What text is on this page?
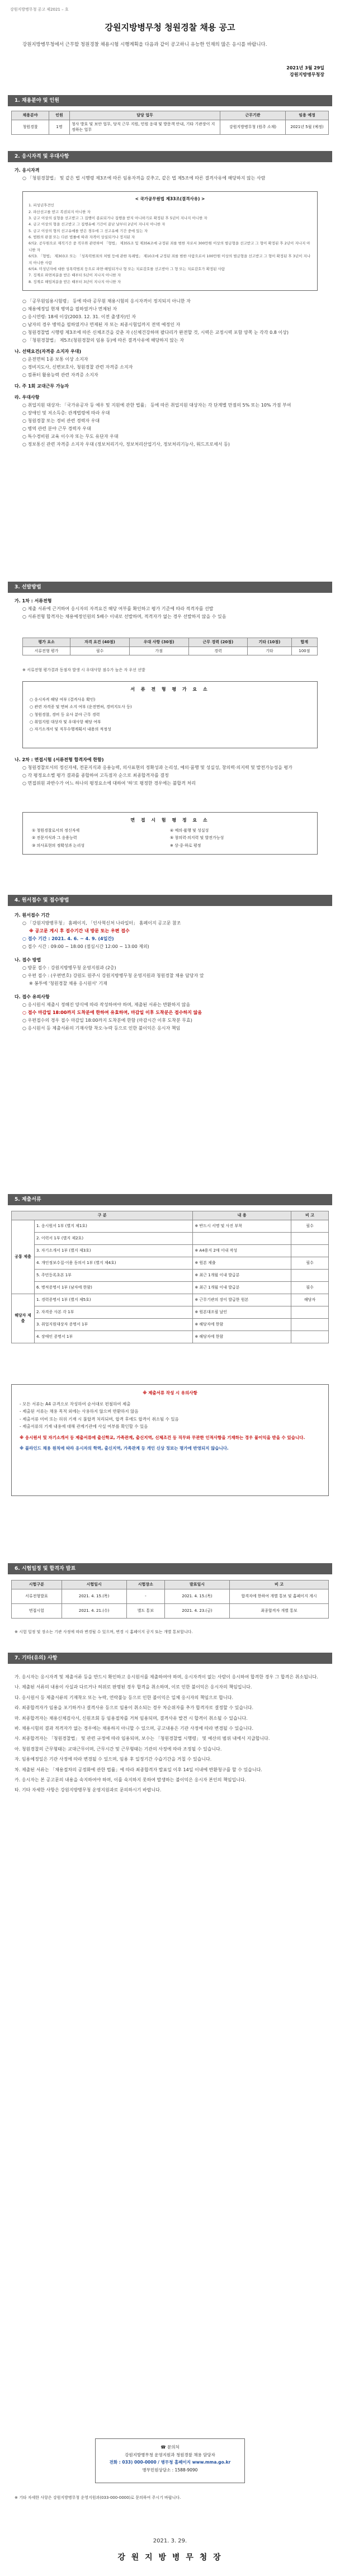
강원지방병무청 공고 제2021 – 호
강원지방병무청 청원경찰 채용 공고
강원지방병무청에서 근무할 청원경찰 채용시험 시행계획을 다음과 같이 공고하니 유능한 인재의 많은 응시를 바랍니다.
2021년 3월 29일
강원지방병무청장
1. 채용분야 및 인원
채용분야	인원	담당 업무	근무기관	임용 예정
청원경찰	1명	청사 방호 및 보안 업무, 당직 근무 지원, 민원 응대 및 방문객 안내, 기타 기관장이 지정하는 업무	강원지방병무청 (원주 소재)	2021년 5월 (예정)
2. 응시자격 및 우대사항
가. 응시자격
○ 「청원경찰법」 및 같은 법 시행령 제3조에 따른 임용자격을 갖추고, 같은 법 제5조에 따른 결격사유에 해당하지 않는 사람
< 국가공무원법 제33조(결격사유) >
1. 피성년후견인
2. 파산선고를 받고 복권되지 아니한 자
3. 금고 이상의 실형을 선고받고 그 집행이 종료되거나 집행을 받지 아니하기로 확정된 후 5년이 지나지 아니한 자
4. 금고 이상의 형을 선고받고 그 집행유예 기간이 끝난 날부터 2년이 지나지 아니한 자
5. 금고 이상의 형의 선고유예를 받은 경우에 그 선고유예 기간 중에 있는 자
6. 법원의 판결 또는 다른 법률에 따라 자격이 상실되거나 정지된 자
6의2. 공무원으로 재직기간 중 직무와 관련하여 「형법」 제355조 및 제356조에 규정된 죄를 범한 자로서 300만원 이상의 벌금형을 선고받고 그 형이 확정된 후 2년이 지나지 아니한 자
6의3. 「형법」 제303조 또는 「성폭력범죄의 처벌 등에 관한 특례법」 제10조에 규정된 죄를 범한 사람으로서 100만원 이상의 벌금형을 선고받고 그 형이 확정된 후 3년이 지나지 아니한 사람
6의4. 미성년자에 대한 성폭력범죄 등으로 파면·해임되거나 형 또는 치료감호를 선고받아 그 형 또는 치료감호가 확정된 사람
7. 징계로 파면처분을 받은 때부터 5년이 지나지 아니한 자
8. 징계로 해임처분을 받은 때부터 3년이 지나지 아니한 자
○ 「공무원임용시험령」 등에 따라 공무원 채용시험의 응시자격이 정지되지 아니한 자
○ 채용예정일 현재 병역을 필하였거나 면제된 자
○ 응시연령: 18세 이상(2003. 12. 31. 이전 출생자)인 자
○ 남자의 경우 병역을 필하였거나 면제된 자 또는 최종시험일까지 전역 예정인 자
○ 청원경찰법 시행령 제3조에 따른 신체조건을 갖춘 자 (신체건강하며 팔다리가 완전할 것, 시력은 교정시력 포함 양쪽 눈 각각 0.8 이상)
○ 「청원경찰법」 제5조(청원경찰의 임용 등)에 따른 결격사유에 해당하지 않는 자
나. 선택요건(자격증 소지자 우대)
○ 운전면허 1종 보통 이상 소지자
○ 경비지도사, 신변보호사, 청원경찰 관련 자격증 소지자
○ 컴퓨터 활용능력 관련 자격증 소지자
다. 주 1회 교대근무 가능자
라. 우대사항
○ 취업지원 대상자: 「국가유공자 등 예우 및 지원에 관한 법률」 등에 따른 취업지원 대상자는 각 단계별 만점의 5% 또는 10% 가점 부여
○ 장애인 및 저소득층: 관계법령에 따라 우대
○ 청원경찰 또는 경비 관련 경력자 우대
○ 병역 관련 분야 근무 경력자 우대
○ 특수경비원 교육 이수자 또는 무도 유단자 우대
○ 정보통신 관련 자격증 소지자 우대 (정보처리기사, 정보처리산업기사, 정보처리기능사, 워드프로세서 등)
3. 선발방법
가. 1차 : 서류전형
○ 제출 서류에 근거하여 응시자의 자격요건 해당 여부를 확인하고 평가 기준에 따라 적격자를 선발
○ 서류전형 합격자는 채용예정인원의 5배수 이내로 선발하며, 적격자가 없는 경우 선발하지 않을 수 있음
평가 요소	자격 요건 (40점)	우대 사항 (30점)	근무 경력 (20점)	기타 (10점)	합계
서류전형 평가	필수	가점	경력	기타	100점
※ 서류전형 평가결과 동점자 발생 시 우대사항 점수가 높은 자 우선 선발
서 류 전 형 평 가 요 소
○ 응시자격 해당 여부 (결격사유 확인)
○ 관련 자격증 및 면허 소지 여부 (운전면허, 경비지도사 등)
○ 청원경찰, 경비 등 유사 분야 근무 경력
○ 취업지원 대상자 및 우대사항 해당 여부
○ 자기소개서 및 직무수행계획서 내용의 적정성
나. 2차 : 면접시험 (서류전형 합격자에 한함)
○ 청원경찰로서의 정신자세, 전문지식과 응용능력, 의사표현의 정확성과 논리성, 예의·품행 및 성실성, 창의력·의지력 및 발전가능성을 평가
○ 각 평정요소별 평가 결과를 종합하여 고득점자 순으로 최종합격자를 결정
○ 면접위원 과반수가 어느 하나의 평정요소에 대하여 '하'로 평정한 경우에는 불합격 처리
면 접 시 험 평 정 요 소
① 청원경찰로서의 정신자세
② 전문지식과 그 응용능력
③ 의사표현의 정확성과 논리성
④ 예의·품행 및 성실성
⑤ 창의력·의지력 및 발전가능성
※ 상·중·하로 평정
4. 원서접수 및 접수방법
가. 원서접수 기간
○ 「강원지방병무청」 홈페이지, 「인사혁신처 나라일터」 홈페이지 공고문 참조
※ 공고문 게시 후 접수기간 내 방문 또는 우편 접수
○ 접수 기간 : 2021. 4. 6. ~ 4. 9. (4일간)
○ 접수 시간 : 09:00 ~ 18:00 (점심시간 12:00 ~ 13:00 제외)
나. 접수 방법
○ 방문 접수 : 강원지방병무청 운영지원과 (2층)
○ 우편 접수 : (우편번호) 강원도 원주시 강원지방병무청 운영지원과 청원경찰 채용 담당자 앞
※ 봉투에 '청원경찰 채용 응시원서' 기재
다. 접수 유의사항
○ 응시원서 제출시 정해진 양식에 따라 작성하여야 하며, 제출된 서류는 반환하지 않음
○ 접수 마감일 18:00까지 도착분에 한하여 유효하며, 마감일 이후 도착분은 접수하지 않음
○ 우편접수의 경우 접수 마감일 18:00까지 도착분에 한함 (마감시간 이후 도착분 무효)
○ 응시원서 등 제출서류의 기재사항 착오·누락 등으로 인한 불이익은 응시자 책임
5. 제출서류
구 분		내 용	비 고
공통 제출	1. 응시원서 1부 (별지 제1호)	※ 반드시 서명 및 사진 부착	필수
	2. 이력서 1부 (별지 제2호)		
	3. 자기소개서 1부 (별지 제3호)	※ A4용지 2매 이내 작성	
	4. 개인정보수집·이용 동의서 1부 (별지 제4호)	※ 원본 제출	필수
	5. 주민등록초본 1부	※ 최근 1개월 이내 발급분	
	6. 병적증명서 1부 (남자에 한함)	※ 최근 1개월 이내 발급분	필수
해당자 제출	1. 경력증명서 1부 (별지 제5호)	※ 근무기관의 장이 발급한 원본	해당자
	2. 자격증 사본 각 1부	※ 원본대조필 날인	
	3. 취업지원대상자 증명서 1부	※ 해당자에 한함	
	4. 장애인 증명서 1부	※ 해당자에 한함	
※ 제출서류 작성 시 유의사항
- 모든 서류는 A4 규격으로 작성하여 순서대로 편철하여 제출
- 제출된 서류는 채용 목적 외에는 사용하지 않으며 반환하지 않음
- 제출서류 미비 또는 허위 기재 시 불합격 처리되며, 합격 후에도 합격이 취소될 수 있음
- 제출서류의 기재 내용에 대해 관계기관에 사실 여부를 확인할 수 있음
※ 응시원서 및 자기소개서 등 제출서류에 출신학교, 가족관계, 출신지역, 신체조건 등 직무와 무관한 인적사항을 기재하는 경우 불이익을 받을 수 있습니다.
※ 블라인드 채용 원칙에 따라 응시자의 학력, 출신지역, 가족관계 등 개인 신상 정보는 평가에 반영되지 않습니다.
6. 시험일정 및 합격자 발표
시험구분	시험일시	시험장소	발표일시	비 고
서류전형발표	2021. 4. 15.(목)	-	2021. 4. 15.(목)	합격자에 한하여 개별 통보 및 홈페이지 게시
면접시험	2021. 4. 21.(수)	별도 통보	2021. 4. 23.(금)	최종합격자 개별 통보
※ 시험 일정 및 장소는 기관 사정에 따라 변경될 수 있으며, 변경 시 홈페이지 공지 또는 개별 통보합니다.
7. 기타(유의) 사항
가. 응시자는 응시자격 및 제출서류 등을 반드시 확인하고 응시원서를 제출하여야 하며, 응시자격이 없는 사람이 응시하여 합격한 경우 그 합격은 취소됩니다.
나. 제출된 서류의 내용이 사실과 다르거나 허위로 판명된 경우 합격을 취소하며, 이로 인한 불이익은 응시자의 책임입니다.
다. 응시원서 등 제출서류의 기재착오 또는 누락, 연락불능 등으로 인한 불이익은 일체 응시자의 책임으로 합니다.
라. 최종합격자가 임용을 포기하거나 결격사유 등으로 임용이 취소되는 경우 차순위자를 추가 합격자로 결정할 수 있습니다.
마. 최종합격자는 채용신체검사서, 신원조회 등 임용절차를 거쳐 임용되며, 결격사유 발견 시 합격이 취소될 수 있습니다.
바. 채용시험의 결과 적격자가 없는 경우에는 채용하지 아니할 수 있으며, 공고내용은 기관 사정에 따라 변경될 수 있습니다.
사. 최종합격자는 「청원경찰법」 및 관련 규정에 따라 임용되며, 보수는 「청원경찰법 시행령」 및 예산의 범위 내에서 지급합니다.
아. 청원경찰의 근무형태는 교대근무이며, 근무시간 및 근무형태는 기관의 사정에 따라 조정될 수 있습니다.
자. 임용예정일은 기관 사정에 따라 변경될 수 있으며, 임용 후 일정기간 수습기간을 거칠 수 있습니다.
차. 제출된 서류는 「채용절차의 공정화에 관한 법률」에 따라 최종합격자 발표일 이후 14일 이내에 반환청구를 할 수 있습니다.
카. 응시자는 본 공고문의 내용을 숙지하여야 하며, 이를 숙지하지 못하여 발생하는 불이익은 응시자 본인의 책임입니다.
타. 기타 자세한 사항은 강원지방병무청 운영지원과로 문의하시기 바랍니다.
☎ 문의처
강원지방병무청 운영지원과 청원경찰 채용 담당자
전화 : 033) 000-0000 / 병무청 홈페이지 www.mma.go.kr
병무민원상담소 : 1588-9090
※ 기타 자세한 사항은 강원지방병무청 운영지원과(033-000-0000)로 문의하여 주시기 바랍니다.
2021. 3. 29.
강 원 지 방 병 무 청 장
